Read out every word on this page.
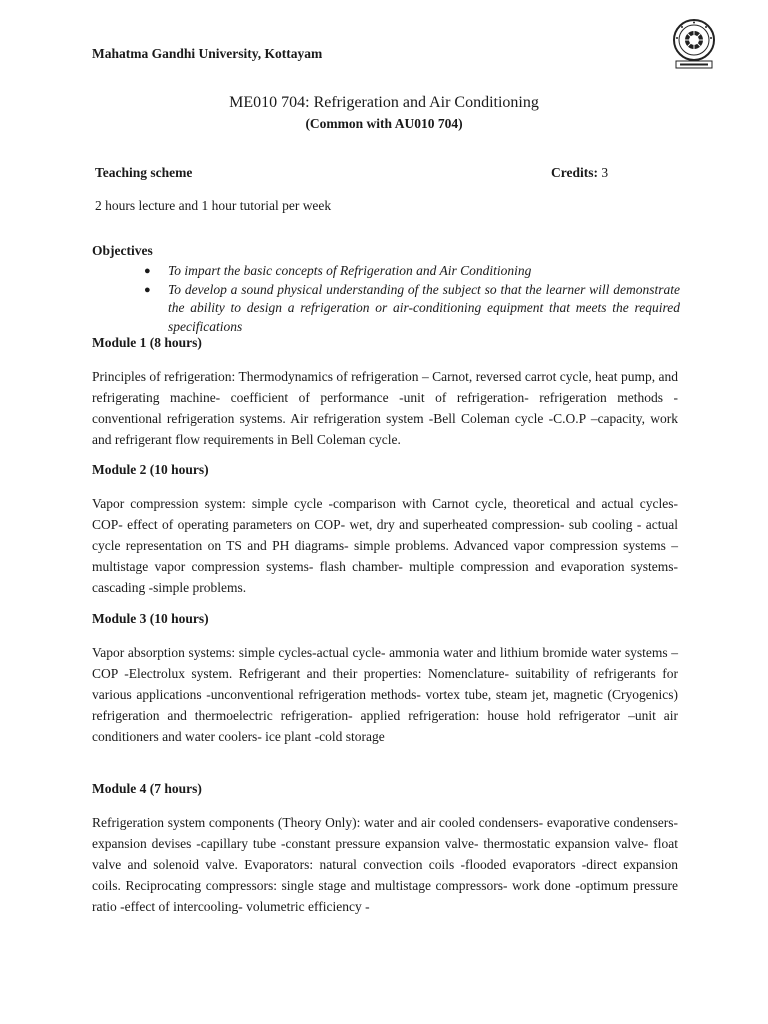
Mahatma Gandhi University, Kottayam
ME010 704: Refrigeration and Air Conditioning
(Common with AU010 704)
Teaching scheme	Credits: 3
2 hours lecture and 1 hour tutorial per week
Objectives
● To impart the basic concepts of Refrigeration and Air Conditioning
● To develop a sound physical understanding of the subject so that the learner will demonstrate the ability to design a refrigeration or air-conditioning equipment that meets the required specifications
Module 1 (8 hours)
Principles of refrigeration: Thermodynamics of refrigeration – Carnot, reversed carrot cycle, heat pump, and refrigerating machine- coefficient of performance -unit of refrigeration- refrigeration methods - conventional refrigeration systems. Air refrigeration system -Bell Coleman cycle -C.O.P –capacity, work and refrigerant flow requirements in Bell Coleman cycle.
Module 2 (10 hours)
Vapor compression system: simple cycle -comparison with Carnot cycle, theoretical and actual cycles- COP- effect of operating parameters on COP- wet, dry and superheated compression- sub cooling - actual cycle representation on TS and PH diagrams- simple problems. Advanced vapor compression systems – multistage vapor compression systems- flash chamber- multiple compression and evaporation systems- cascading -simple problems.
Module 3 (10 hours)
Vapor absorption systems: simple cycles-actual cycle- ammonia water and lithium bromide water systems – COP -Electrolux system. Refrigerant and their properties: Nomenclature- suitability of refrigerants for various applications -unconventional refrigeration methods- vortex tube, steam jet, magnetic (Cryogenics) refrigeration and thermoelectric refrigeration- applied refrigeration: house hold refrigerator –unit air conditioners and water coolers- ice plant -cold storage
Module 4 (7 hours)
Refrigeration system components (Theory Only): water and air cooled condensers- evaporative condensers- expansion devises -capillary tube -constant pressure expansion valve- thermostatic expansion valve- float valve and solenoid valve. Evaporators: natural convection coils -flooded evaporators -direct expansion coils. Reciprocating compressors: single stage and multistage compressors- work done -optimum pressure ratio -effect of intercooling- volumetric efficiency -
